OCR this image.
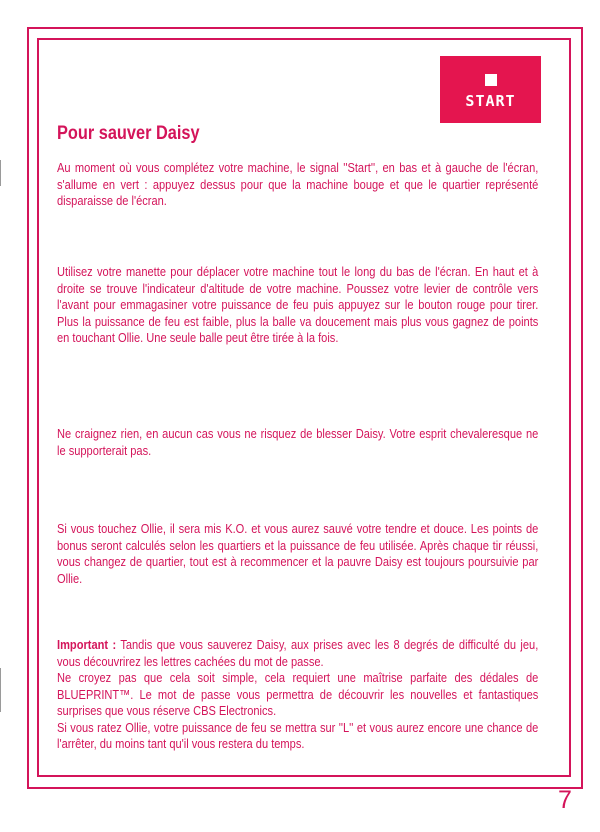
START
Pour sauver Daisy

Au moment où vous complétez votre machine, le signal ''Start'', en bas et à gauche de l'écran, s'allume en vert : appuyez dessus pour que la machine bouge et que le quartier représenté disparaisse de l'écran.

Utilisez votre manette pour déplacer votre machine tout le long du bas de l'écran. En haut et à droite se trouve l'indicateur d'altitude de votre machine. Poussez votre levier de contrôle vers l'avant pour emmagasiner votre puissance de feu puis appuyez sur le bouton rouge pour tirer. Plus la puissance de feu est faible, plus la balle va doucement mais plus vous gagnez de points en touchant Ollie. Une seule balle peut être tirée à la fois.

Ne craignez rien, en aucun cas vous ne risquez de blesser Daisy. Votre esprit chevaleresque ne le supporterait pas.

Si vous touchez Ollie, il sera mis K.O. et vous aurez sauvé votre tendre et douce. Les points de bonus seront calculés selon les quartiers et la puissance de feu utilisée. Après chaque tir réussi, vous changez de quartier, tout est à recommencer et la pauvre Daisy est toujours poursuivie par Ollie.

Important : Tandis que vous sauverez Daisy, aux prises avec les 8 degrés de difficulté du jeu, vous découvrirez les lettres cachées du mot de passe.
Ne croyez pas que cela soit simple, cela requiert une maîtrise parfaite des dédales de BLUEPRINT™. Le mot de passe vous permettra de découvrir les nouvelles et fantastiques surprises que vous réserve CBS Electronics.
Si vous ratez Ollie, votre puissance de feu se mettra sur ''L'' et vous aurez encore une chance de l'arrêter, du moins tant qu'il vous restera du temps.
7
